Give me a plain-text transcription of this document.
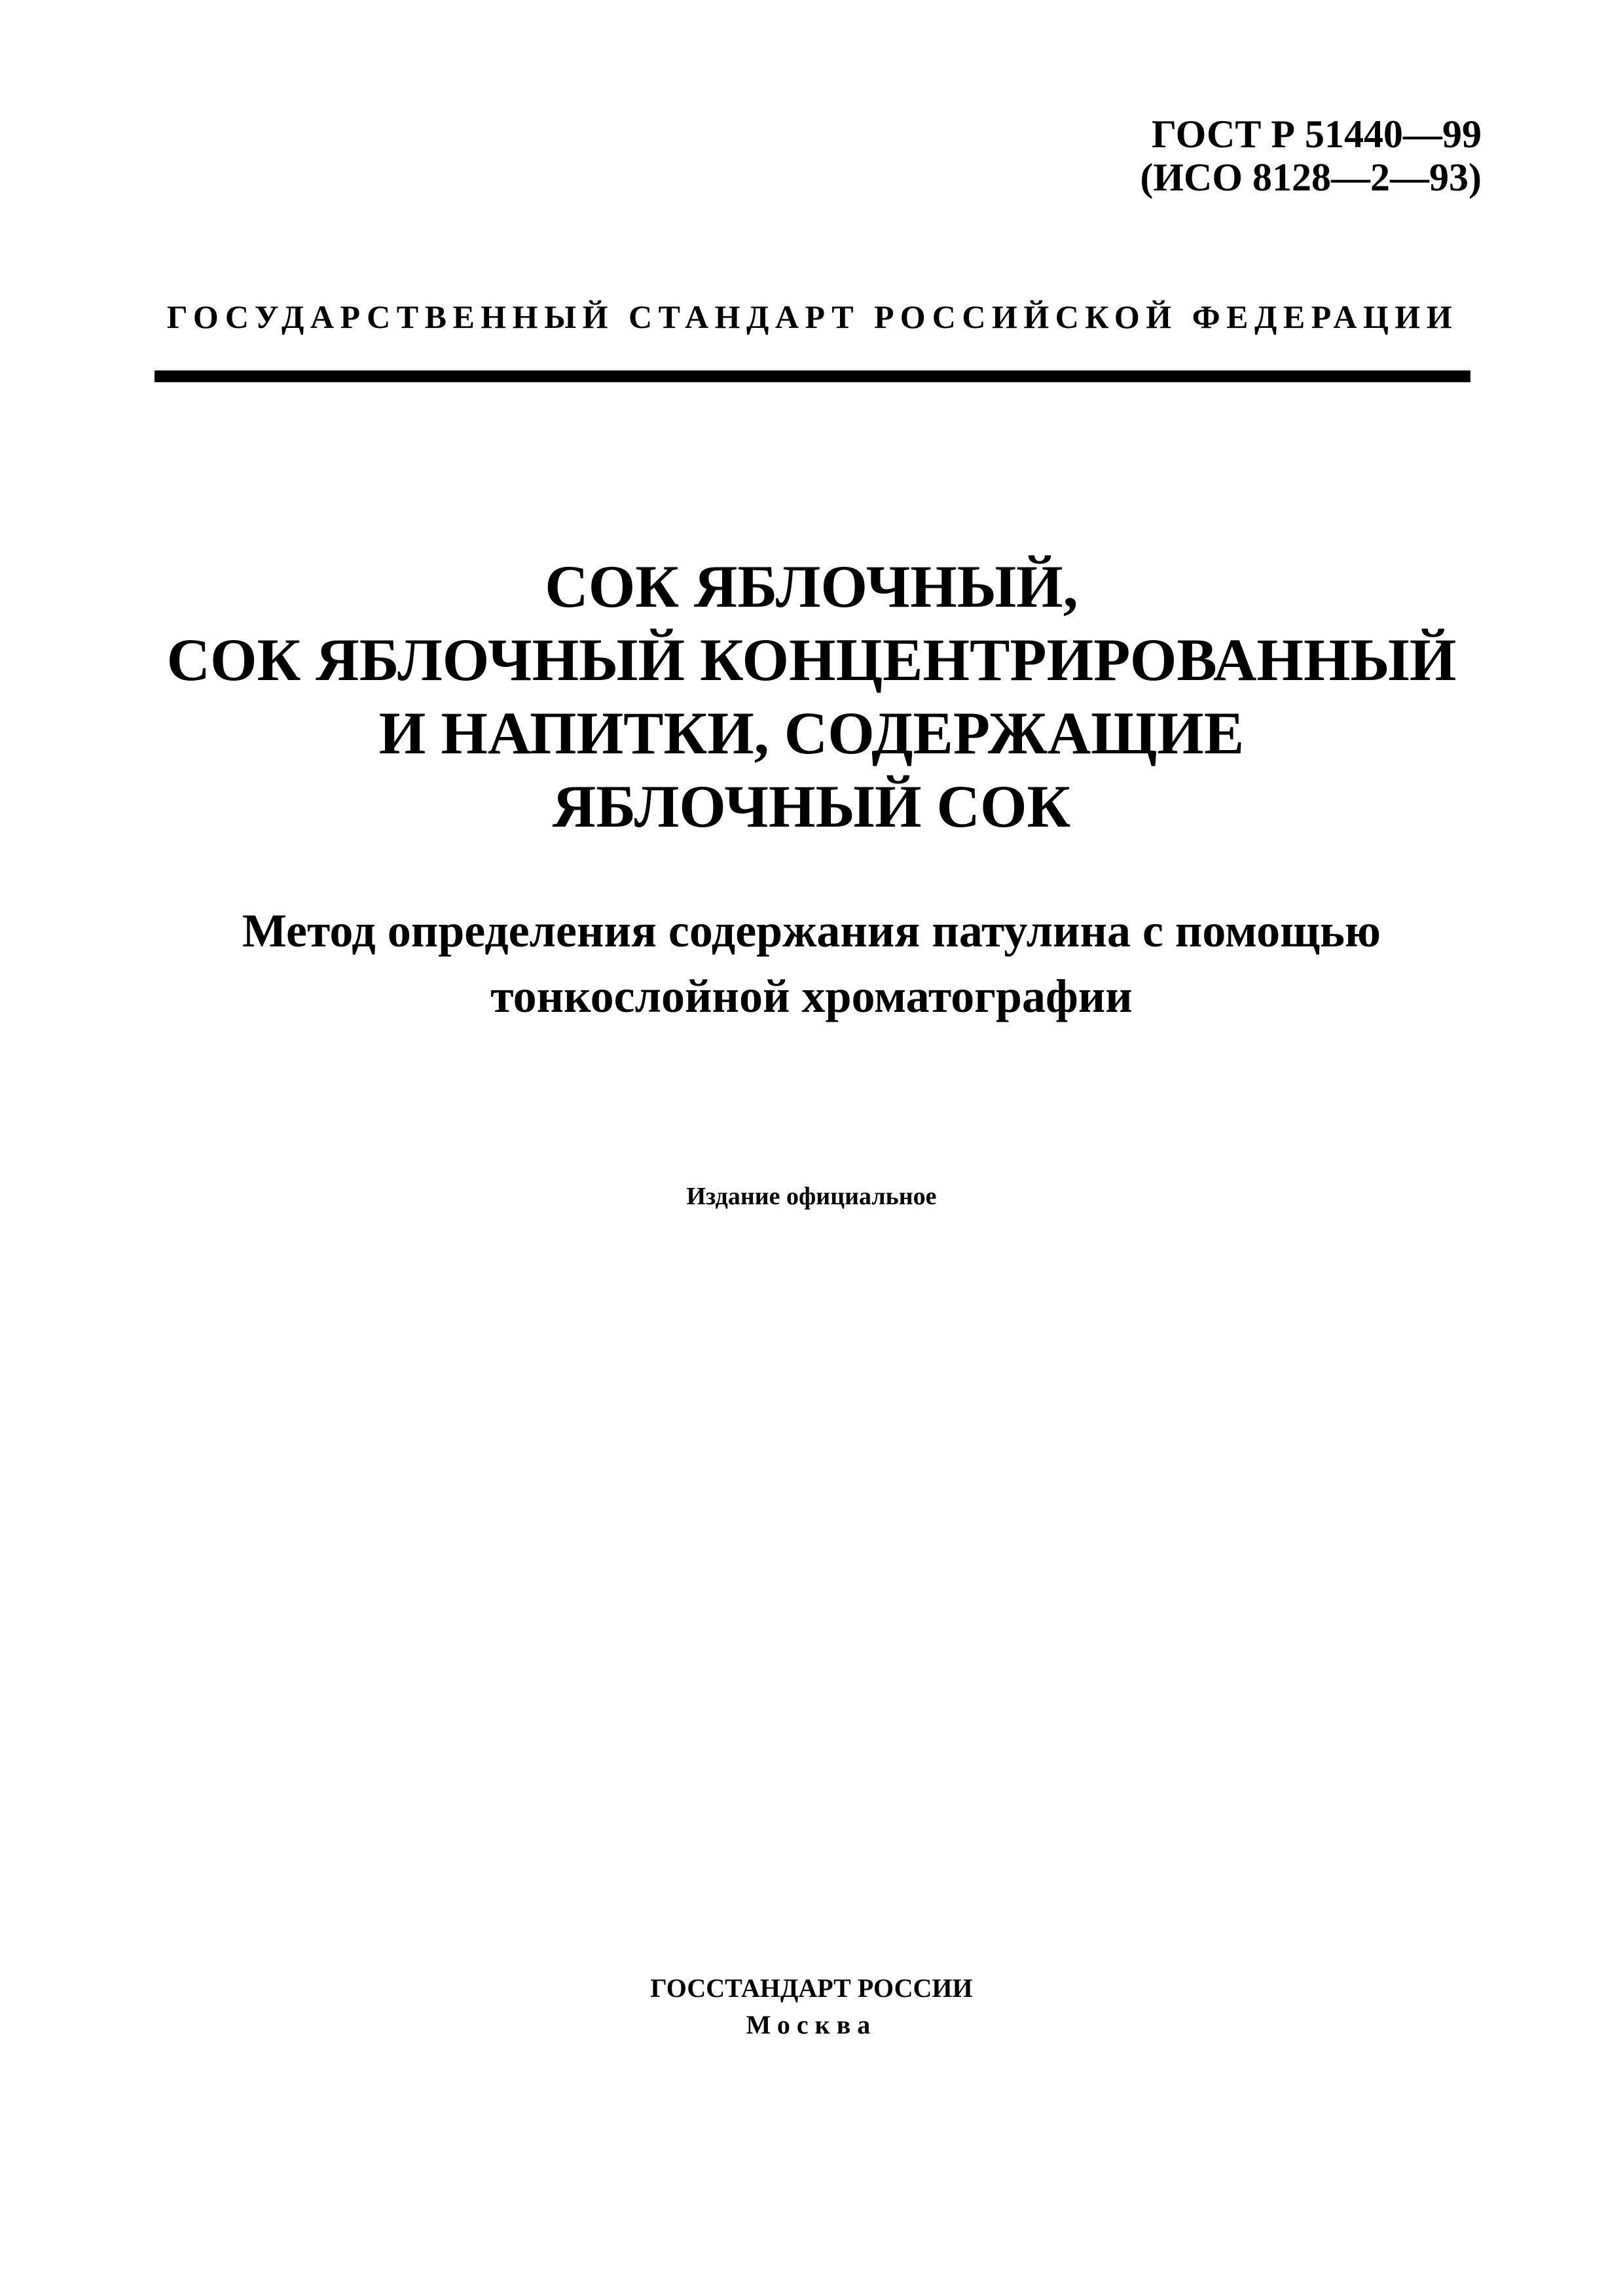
ГОСТ Р 51440—99
(ИСО 8128—2—93)
ГОСУДАРСТВЕННЫЙ СТАНДАРТ РОССИЙСКОЙ ФЕДЕРАЦИИ
СОК ЯБЛОЧНЫЙ,
СОК ЯБЛОЧНЫЙ КОНЦЕНТРИРОВАННЫЙ
И НАПИТКИ, СОДЕРЖАЩИЕ
ЯБЛОЧНЫЙ СОК
Метод определения содержания патулина с помощью
тонкослойной хроматографии
Издание официальное
ГОССТАНДАРТ РОССИИ
Москва
